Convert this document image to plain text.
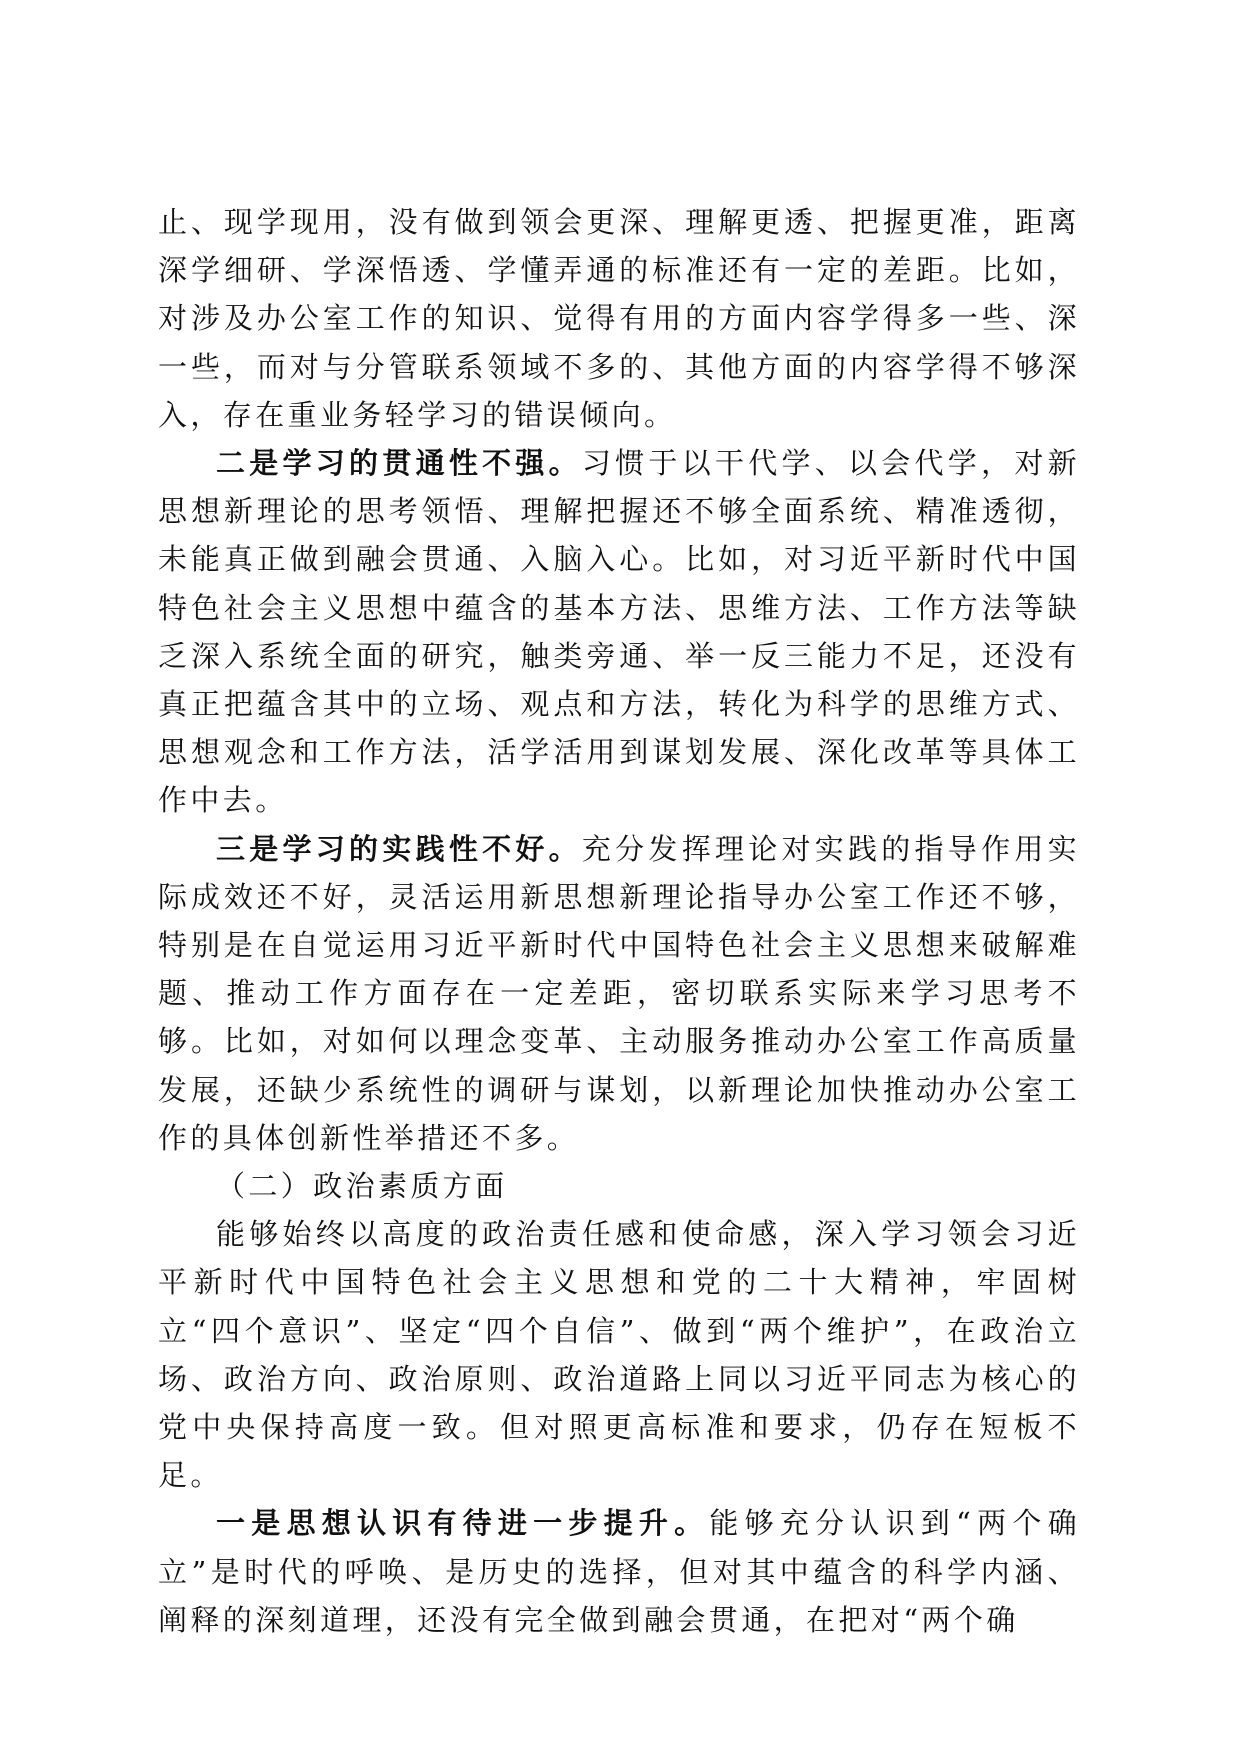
止、现学现用，没有做到领会更深、理解更透、把握更准，距离深学细研、学深悟透、学懂弄通的标准还有一定的差距。比如，对涉及办公室工作的知识、觉得有用的方面内容学得多一些、深一些，而对与分管联系领域不多的、其他方面的内容学得不够深入，存在重业务轻学习的错误倾向。

二是学习的贯通性不强。习惯于以干代学、以会代学，对新思想新理论的思考领悟、理解把握还不够全面系统、精准透彻，未能真正做到融会贯通、入脑入心。比如，对习近平新时代中国特色社会主义思想中蕴含的基本方法、思维方法、工作方法等缺乏深入系统全面的研究，触类旁通、举一反三能力不足，还没有真正把蕴含其中的立场、观点和方法，转化为科学的思维方式、思想观念和工作方法，活学活用到谋划发展、深化改革等具体工作中去。

三是学习的实践性不好。充分发挥理论对实践的指导作用实际成效还不好，灵活运用新思想新理论指导办公室工作还不够，特别是在自觉运用习近平新时代中国特色社会主义思想来破解难题、推动工作方面存在一定差距，密切联系实际来学习思考不够。比如，对如何以理念变革、主动服务推动办公室工作高质量发展，还缺少系统性的调研与谋划，以新理论加快推动办公室工作的具体创新性举措还不多。

（二）政治素质方面

能够始终以高度的政治责任感和使命感，深入学习领会习近平新时代中国特色社会主义思想和党的二十大精神，牢固树立“四个意识”、坚定“四个自信”、做到“两个维护”，在政治立场、政治方向、政治原则、政治道路上同以习近平同志为核心的党中央保持高度一致。但对照更高标准和要求，仍存在短板不足。

一是思想认识有待进一步提升。能够充分认识到“两个确立”是时代的呼唤、是历史的选择，但对其中蕴含的科学内涵、阐释的深刻道理，还没有完全做到融会贯通，在把对“两个确
